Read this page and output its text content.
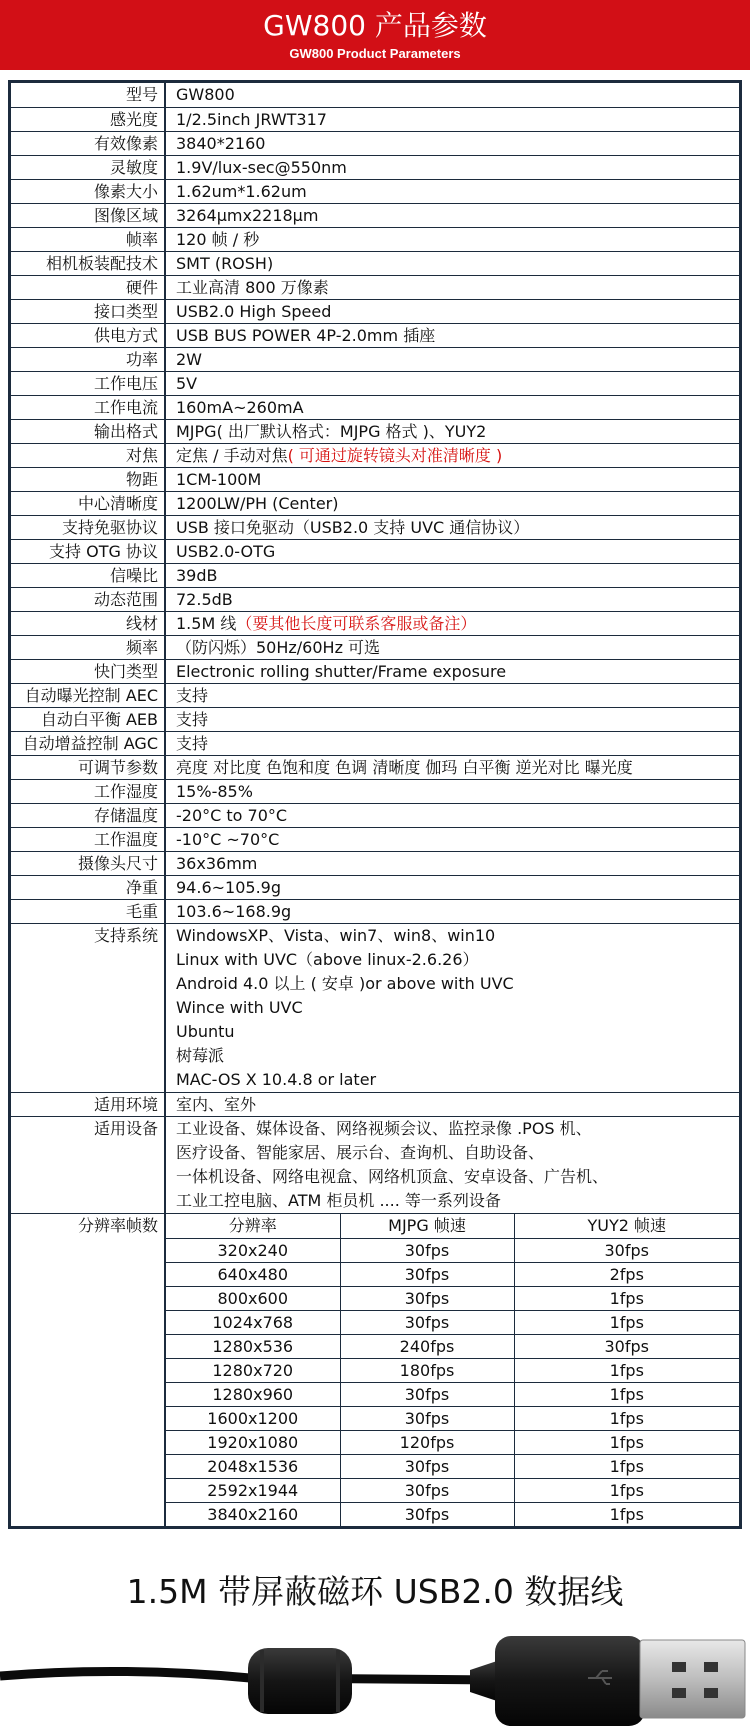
GW800 产品参数
GW800 Product Parameters
型号	GW800
感光度	1/2.5inch JRWT317
有效像素	3840*2160
灵敏度	1.9V/lux-sec@550nm
像素大小	1.62um*1.62um
图像区域	3264μmx2218μm
帧率	120 帧 / 秒
相机板装配技术	SMT (ROSH)
硬件	工业高清 800 万像素
接口类型	USB2.0 High Speed
供电方式	USB BUS POWER 4P-2.0mm 插座
功率	2W
工作电压	5V
工作电流	160mA~260mA
输出格式	MJPG( 出厂默认格式：MJPG 格式 )、YUY2
对焦	定焦 / 手动对焦( 可通过旋转镜头对准清晰度 )
物距	1CM-100M
中心清晰度	1200LW/PH (Center)
支持免驱协议	USB 接口免驱动（USB2.0 支持 UVC 通信协议）
支持 OTG 协议	USB2.0-OTG
信噪比	39dB
动态范围	72.5dB
线材	1.5M 线（要其他长度可联系客服或备注）
频率	（防闪烁）50Hz/60Hz 可选
快门类型	Electronic rolling shutter/Frame exposure
自动曝光控制 AEC	支持
自动白平衡 AEB	支持
自动增益控制 AGC	支持
可调节参数	亮度 对比度 色饱和度 色调 清晰度 伽玛 白平衡 逆光对比 曝光度
工作湿度	15%-85%
存储温度	-20°C to 70°C
工作温度	-10°C ~70°C
摄像头尺寸	36x36mm
净重	94.6~105.9g
毛重	103.6~168.9g
支持系统	WindowsXP、Vista、win7、win8、win10
Linux with UVC（above linux-2.6.26）
Android 4.0 以上 ( 安卓 )or above with UVC
Wince with UVC
Ubuntu
树莓派
MAC-OS X 10.4.8 or later
适用环境	室内、室外
适用设备	工业设备、媒体设备、网络视频会议、监控录像 .POS 机、
医疗设备、智能家居、展示台、查询机、自助设备、
一体机设备、网络电视盒、网络机顶盒、安卓设备、广告机、
工业工控电脑、ATM 柜员机 .... 等一系列设备
分辨率帧数	分辨率	MJPG 帧速	YUY2 帧速
320x240	30fps	30fps
640x480	30fps	2fps
800x600	30fps	1fps
1024x768	30fps	1fps
1280x536	240fps	30fps
1280x720	180fps	1fps
1280x960	30fps	1fps
1600x1200	30fps	1fps
1920x1080	120fps	1fps
2048x1536	30fps	1fps
2592x1944	30fps	1fps
3840x2160	30fps	1fps
1.5M 带屏蔽磁环 USB2.0 数据线
